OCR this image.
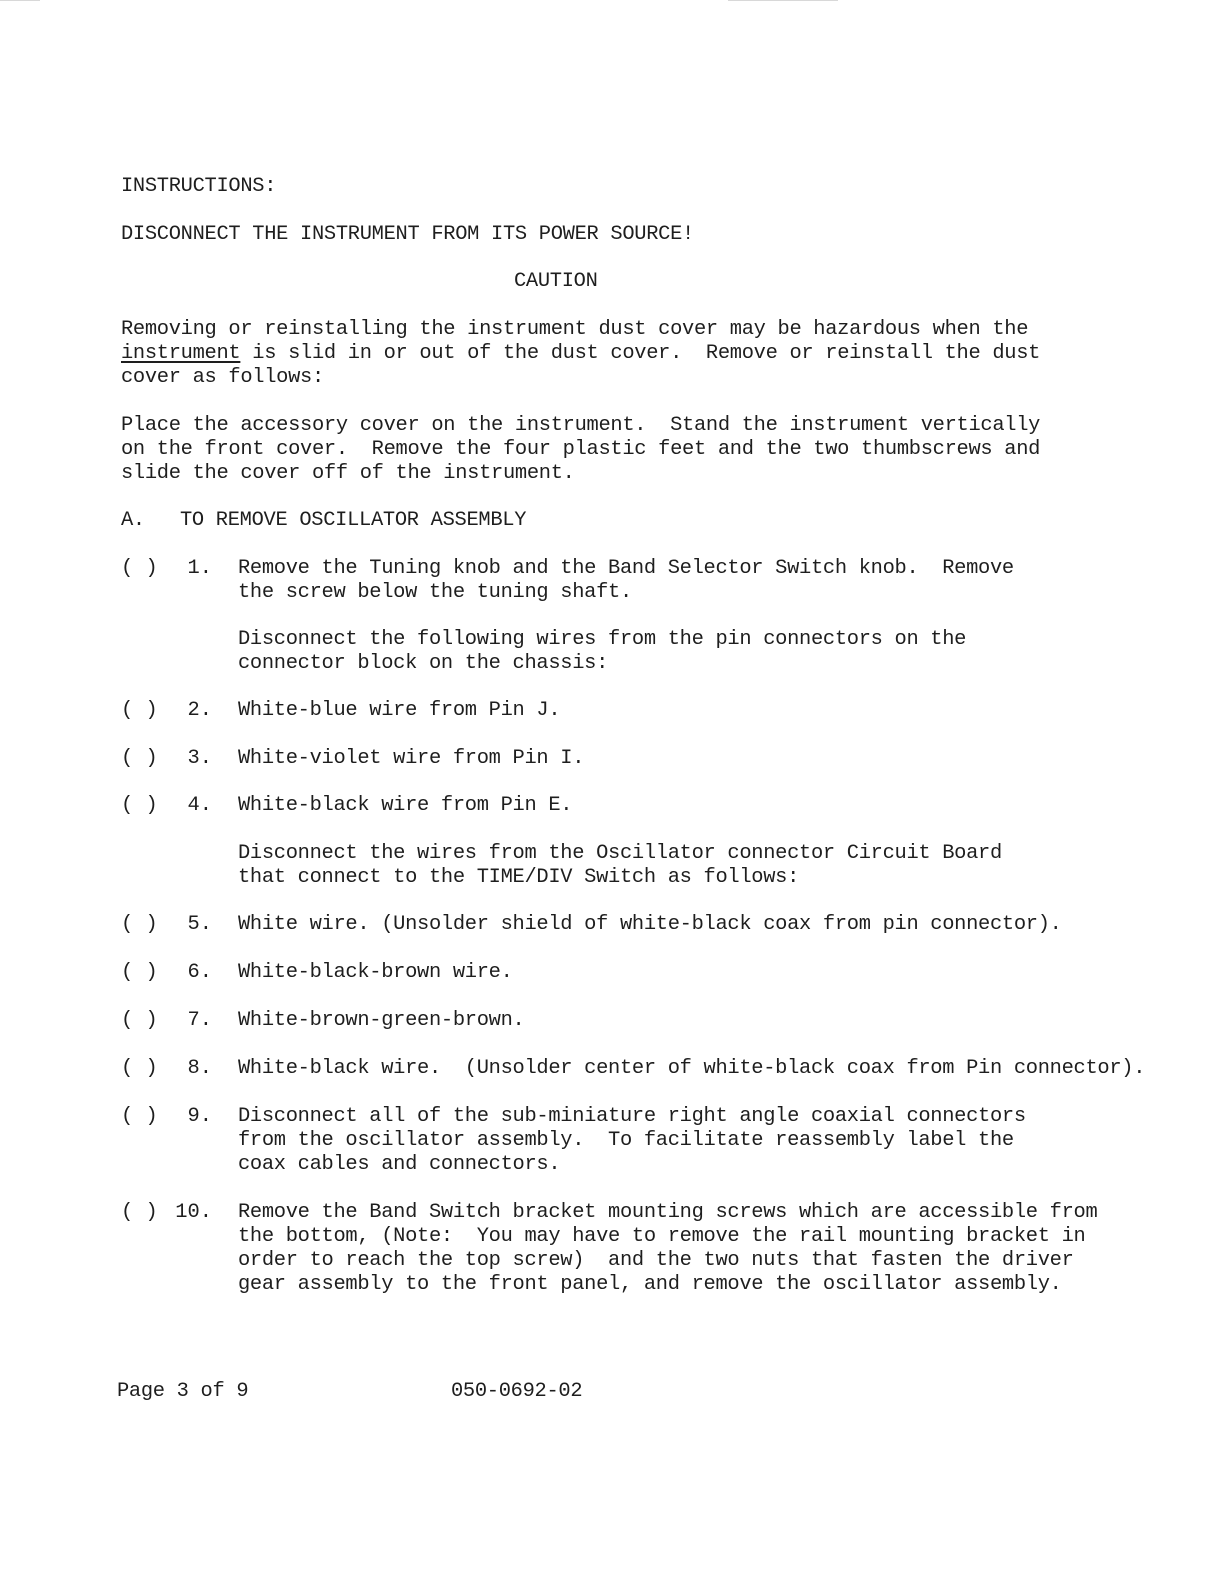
INSTRUCTIONS:
DISCONNECT THE INSTRUMENT FROM ITS POWER SOURCE!
CAUTION
Removing or reinstalling the instrument dust cover may be hazardous when the
instrument is slid in or out of the dust cover.  Remove or reinstall the dust
cover as follows:
Place the accessory cover on the instrument.  Stand the instrument vertically
on the front cover.  Remove the four plastic feet and the two thumbscrews and
slide the cover off of the instrument.
A. TO REMOVE OSCILLATOR ASSEMBLY
( )	1. Remove the Tuning knob and the Band Selector Switch knob.  Remove
the screw below the tuning shaft.
Disconnect the following wires from the pin connectors on the
connector block on the chassis:
( )	2. White-blue wire from Pin J.
( )	3. White-violet wire from Pin I.
( )	4. White-black wire from Pin E.
Disconnect the wires from the Oscillator connector Circuit Board
that connect to the TIME/DIV Switch as follows:
( )	5. White wire. (Unsolder shield of white-black coax from pin connector).
( )	6. White-black-brown wire.
( )	7. White-brown-green-brown.
( )	8. White-black wire.  (Unsolder center of white-black coax from Pin connector).
( )	9. Disconnect all of the sub-miniature right angle coaxial connectors
from the oscillator assembly.  To facilitate reassembly label the
coax cables and connectors.
( ) 10. Remove the Band Switch bracket mounting screws which are accessible from
the bottom, (Note:  You may have to remove the rail mounting bracket in
order to reach the top screw)  and the two nuts that fasten the driver
gear assembly to the front panel, and remove the oscillator assembly.
Page 3 of 9	050-0692-02
